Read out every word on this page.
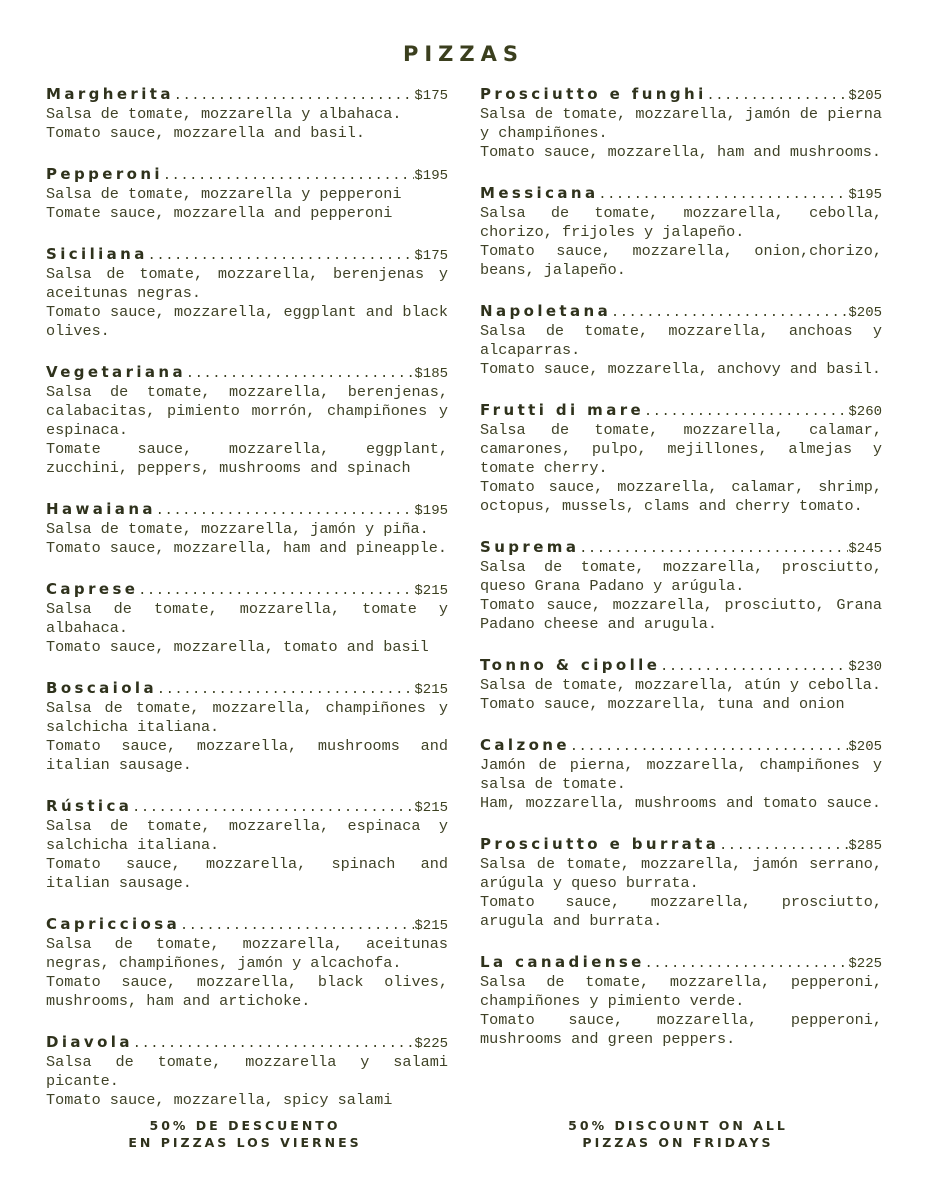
PIZZAS
Margherita .....	$175

Salsa de tomate, mozzarella y albahaca.

Tomato sauce, mozzarella and basil.

Pepperoni .....	$195

Salsa de tomate, mozzarella y pepperoni

Tomate sauce, mozzarella and pepperoni

Siciliana .....	$175

Salsa de tomate, mozzarella, berenjenas y aceitunas negras.

Tomato sauce, mozzarella, eggplant and black olives.

Vegetariana .....	$185

Salsa de tomate, mozzarella, berenjenas, calabacitas, pimiento morrón, champiñones y espinaca.

Tomate sauce, mozzarella, eggplant, zucchini, peppers, mushrooms and spinach

Hawaiana .....	$195

Salsa de tomate, mozzarella, jamón y piña.

Tomato sauce, mozzarella, ham and pineapple.

Caprese .....	$215

Salsa de tomate, mozzarella, tomate y albahaca.

Tomato sauce, mozzarella, tomato and basil

Boscaiola .....	$215

Salsa de tomate, mozzarella, champiñones y salchicha italiana.

Tomato sauce, mozzarella, mushrooms and italian sausage.

Rústica .....	$215

Salsa de tomate, mozzarella, espinaca y salchicha italiana.

Tomato sauce, mozzarella, spinach and italian sausage.

Capricciosa .....	$215

Salsa de tomate, mozzarella, aceitunas negras, champiñones, jamón y alcachofa.

Tomato sauce, mozzarella, black olives, mushrooms, ham and artichoke.

Diavola .....	$225

Salsa de tomate, mozzarella y salami picante.

Tomato sauce, mozzarella, spicy salami

Prosciutto e funghi .....	$205

Salsa de tomate, mozzarella, jamón de pierna y champiñones.

Tomato sauce, mozzarella, ham and mushrooms.

Messicana .....	$195

Salsa de tomate, mozzarella, cebolla, chorizo, frijoles y jalapeño.

Tomato sauce, mozzarella, onion,chorizo, beans, jalapeño.

Napoletana .....	$205

Salsa de tomate, mozzarella, anchoas y alcaparras.

Tomato sauce, mozzarella, anchovy and basil.

Frutti di mare .....	$260

Salsa de tomate, mozzarella, calamar, camarones, pulpo, mejillones, almejas y tomate cherry.

Tomato sauce, mozzarella, calamar, shrimp, octopus, mussels, clams and cherry tomato.

Suprema .....	$245

Salsa de tomate, mozzarella, prosciutto, queso Grana Padano y arúgula.

Tomato sauce, mozzarella, prosciutto, Grana Padano cheese and arugula.

Tonno & cipolle .....	$230

Salsa de tomate, mozzarella, atún y cebolla.

Tomato sauce, mozzarella, tuna and onion

Calzone .....	$205

Jamón de pierna, mozzarella, champiñones y salsa de tomate.

Ham, mozzarella, mushrooms and tomato sauce.

Prosciutto e burrata .....	$285

Salsa de tomate, mozzarella, jamón serrano, arúgula y queso burrata.

Tomato sauce, mozzarella, prosciutto, arugula and burrata.

La canadiense .....	$225

Salsa de tomate, mozzarella, pepperoni, champiñones y pimiento verde.

Tomato sauce, mozzarella, pepperoni, mushrooms and green peppers.

50% DE DESCUENTO
EN PIZZAS LOS VIERNES
50% DISCOUNT ON ALL
PIZZAS ON FRIDAYS
